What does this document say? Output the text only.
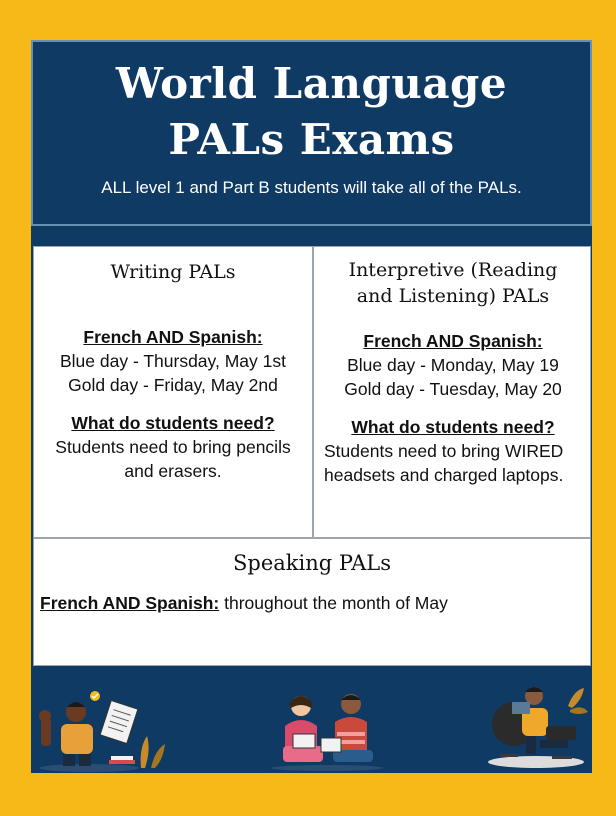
World Language
PALs Exams
ALL level 1 and Part B students will take all of the PALs.
Writing PALs
French AND Spanish:
Blue day - Thursday, May 1st
Gold day - Friday, May 2nd
What do students need?
Students need to bring pencils and erasers.
Interpretive (Reading
and Listening) PALs
French AND Spanish:
Blue day - Monday, May 19
Gold day - Tuesday, May 20
What do students need?
Students need to bring WIRED headsets and charged laptops.
Speaking PALs
French AND Spanish: throughout the month of May
